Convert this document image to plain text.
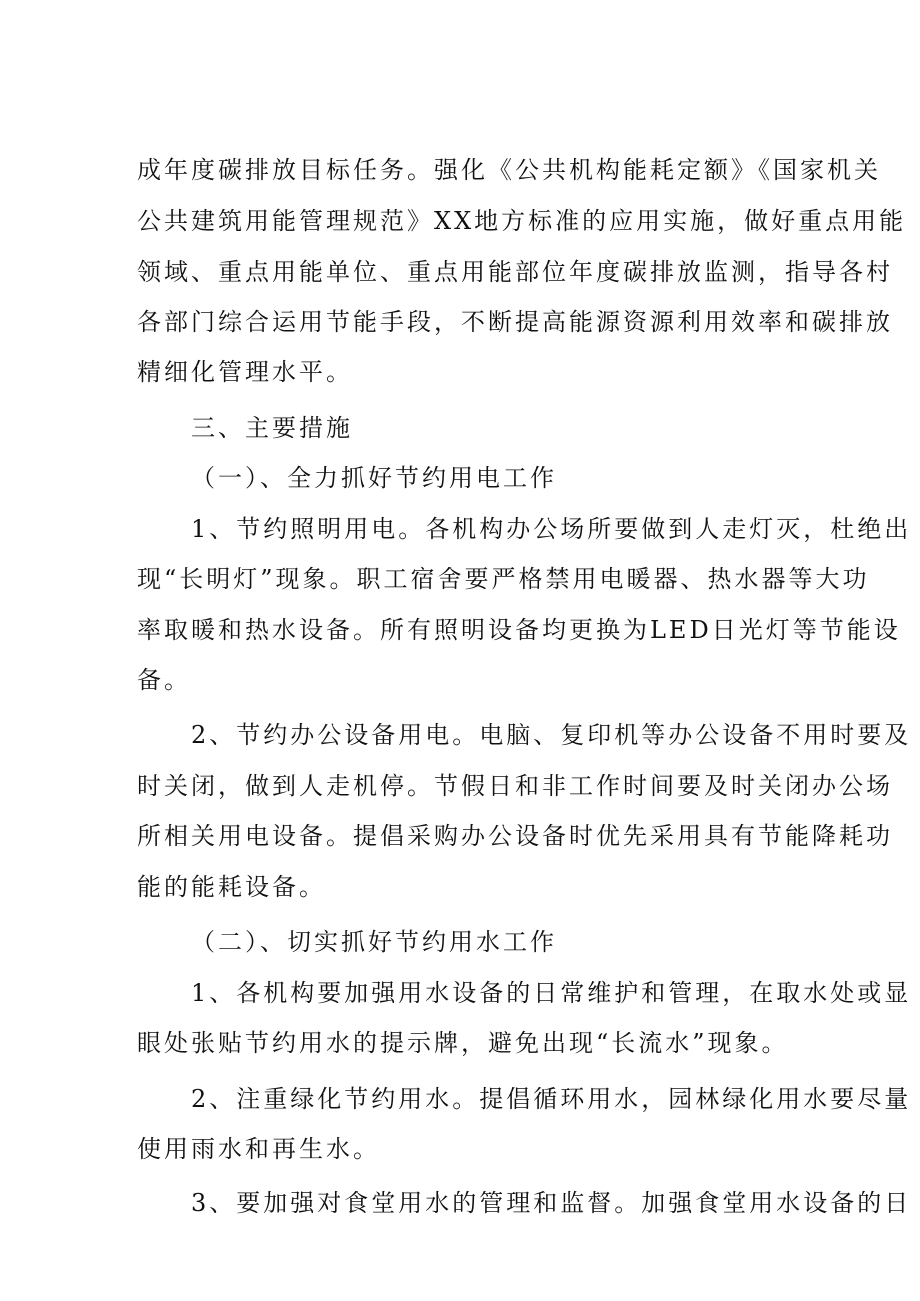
成年度碳排放目标任务。强化《公共机构能耗定额》《国家机关
公共建筑用能管理规范》XX地方标准的应用实施，做好重点用能
领域、重点用能单位、重点用能部位年度碳排放监测，指导各村
各部门综合运用节能手段，不断提高能源资源利用效率和碳排放
精细化管理水平。
三、主要措施
（一）、全力抓好节约用电工作
1、节约照明用电。各机构办公场所要做到人走灯灭，杜绝出
现“长明灯”现象。职工宿舍要严格禁用电暖器、热水器等大功
率取暖和热水设备。所有照明设备均更换为LED日光灯等节能设
备。
2、节约办公设备用电。电脑、复印机等办公设备不用时要及
时关闭，做到人走机停。节假日和非工作时间要及时关闭办公场
所相关用电设备。提倡采购办公设备时优先采用具有节能降耗功
能的能耗设备。
（二）、切实抓好节约用水工作
1、各机构要加强用水设备的日常维护和管理，在取水处或显
眼处张贴节约用水的提示牌，避免出现“长流水”现象。
2、注重绿化节约用水。提倡循环用水，园林绿化用水要尽量
使用雨水和再生水。
3、要加强对食堂用水的管理和监督。加强食堂用水设备的日
